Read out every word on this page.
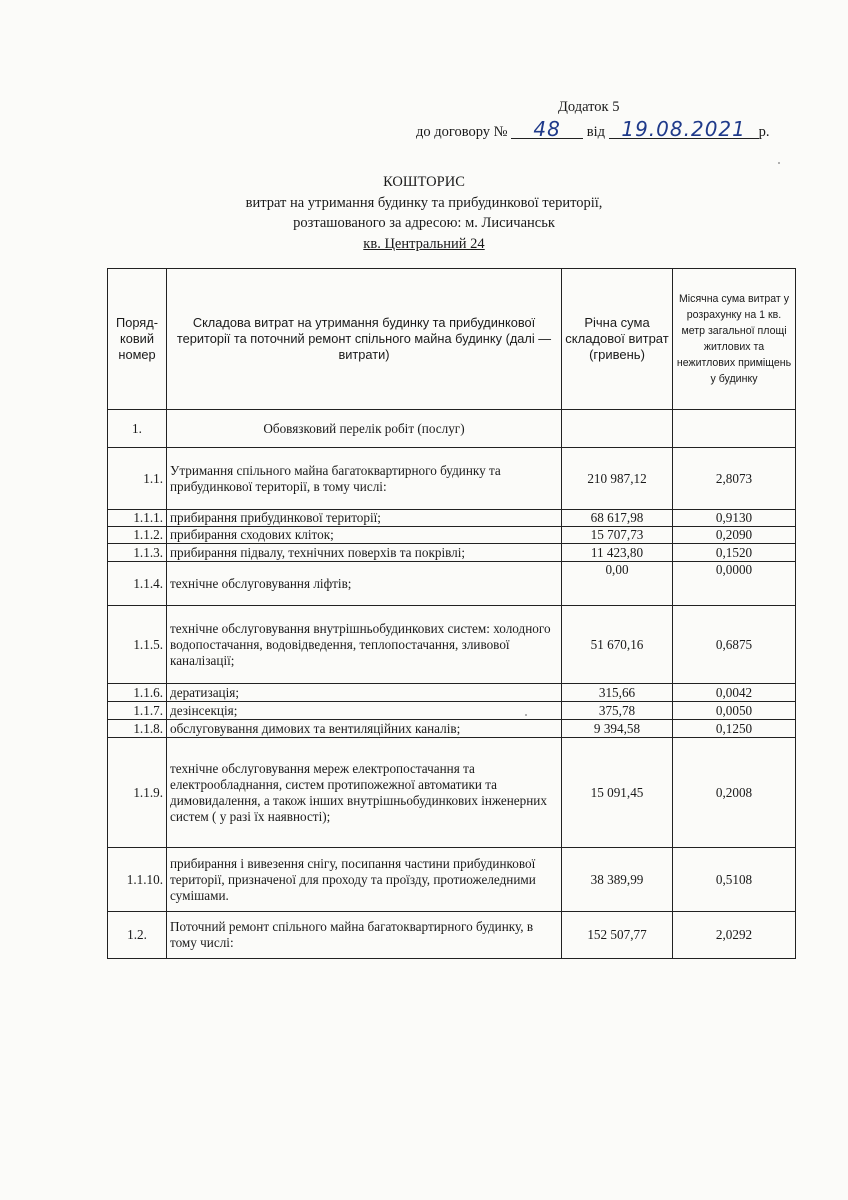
Додаток 5
до договору № 48 від 19.08.2021 р.
КОШТОРИС
витрат на утримання будинку та прибудинкової території,
розташованого за адресою: м. Лисичанськ
кв. Центральний 24
Поряд-ковий номер	Складова витрат на утримання будинку та прибудинкової території та поточний ремонт спільного майна будинку (далі — витрати)	Річна сума складової витрат (гривень)	Місячна сума витрат у розрахунку на 1 кв. метр загальної площі житлових та нежитлових приміщень у будинку
1.	Обовязковий перелік робіт (послуг)		
1.1.	Утримання спільного майна багатоквартирного будинку та прибудинкової території, в тому числі:	210 987,12	2,8073
1.1.1.	прибирання прибудинкової території;	68 617,98	0,9130
1.1.2.	прибирання сходових кліток;	15 707,73	0,2090
1.1.3.	прибирання підвалу, технічних поверхів та покрівлі;	11 423,80	0,1520
1.1.4.	технічне обслуговування ліфтів;	0,00	0,0000
1.1.5.	технічне обслуговування внутрішньобудинкових систем: холодного водопостачання, водовідведення, теплопостачання, зливової каналізації;	51 670,16	0,6875
1.1.6.	дератизація;	315,66	0,0042
1.1.7.	дезінсекція;	375,78	0,0050
1.1.8.	обслуговування димових та вентиляційних каналів;	9 394,58	0,1250
1.1.9.	технічне обслуговування мереж електропостачання та електрообладнання, систем протипожежної автоматики та димовидалення, а також інших внутрішньобудинкових інженерних систем ( у разі їх наявності);	15 091,45	0,2008
1.1.10.	прибирання і вивезення снігу, посипання частини прибудинкової території, призначеної для проходу та проїзду, протиожеледними сумішами.	38 389,99	0,5108
1.2.	Поточний ремонт спільного майна багатоквартирного будинку, в тому числі:	152 507,77	2,0292
